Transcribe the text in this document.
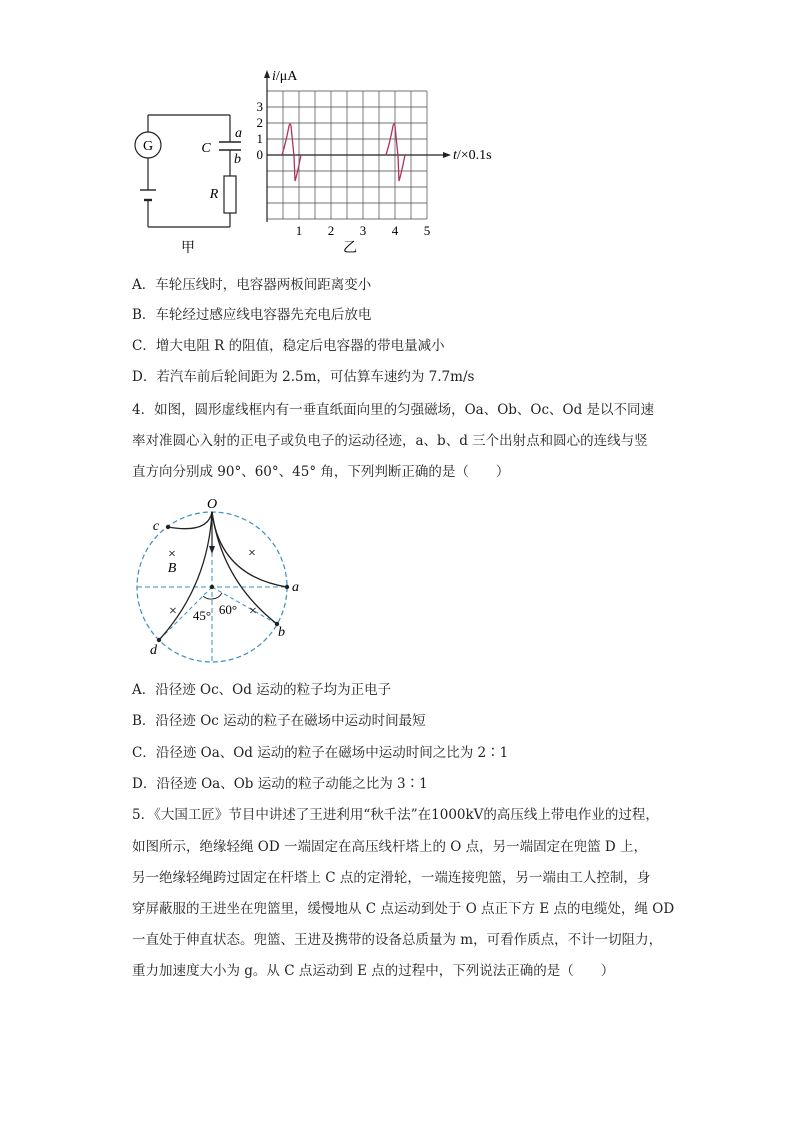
G	C
a
b
R
甲
i/μA
t/×0.1s
3
2
1
0
1 2 3 4 5
乙
A．车轮压线时，电容器两板间距离变小
B．车轮经过感应线电容器先充电后放电
C．增大电阻 R 的阻值，稳定后电容器的带电量减小
D．若汽车前后轮间距为 2.5m，可估算车速约为 7.7m/s
4．如图，圆形虚线框内有一垂直纸面向里的匀强磁场，Oa、Ob、Oc、Od 是以不同速
率对准圆心入射的正电子或负电子的运动径迹，a、b、d 三个出射点和圆心的连线与竖
直方向分别成 90°、60°、45° 角，下列判断正确的是（　　）
O
c
a
b
d
B
×	×
×	×
45° 60°
A．沿径迹 Oc、Od 运动的粒子均为正电子
B．沿径迹 Oc 运动的粒子在磁场中运动时间最短
C．沿径迹 Oa、Od 运动的粒子在磁场中运动时间之比为 2∶1
D．沿径迹 Oa、Ob 运动的粒子动能之比为 3∶1
5．《大国工匠》节目中讲述了王进利用“秋千法”在1000kV的高压线上带电作业的过程，
如图所示，绝缘轻绳 OD 一端固定在高压线杆塔上的 O 点，另一端固定在兜篮 D 上，
另一绝缘轻绳跨过固定在杆塔上 C 点的定滑轮，一端连接兜篮，另一端由工人控制，身
穿屏蔽服的王进坐在兜篮里，缓慢地从 C 点运动到处于 O 点正下方 E 点的电缆处，绳 OD
一直处于伸直状态。兜篮、王进及携带的设备总质量为 m，可看作质点，不计一切阻力，
重力加速度大小为 g。从 C 点运动到 E 点的过程中，下列说法正确的是（　　）
